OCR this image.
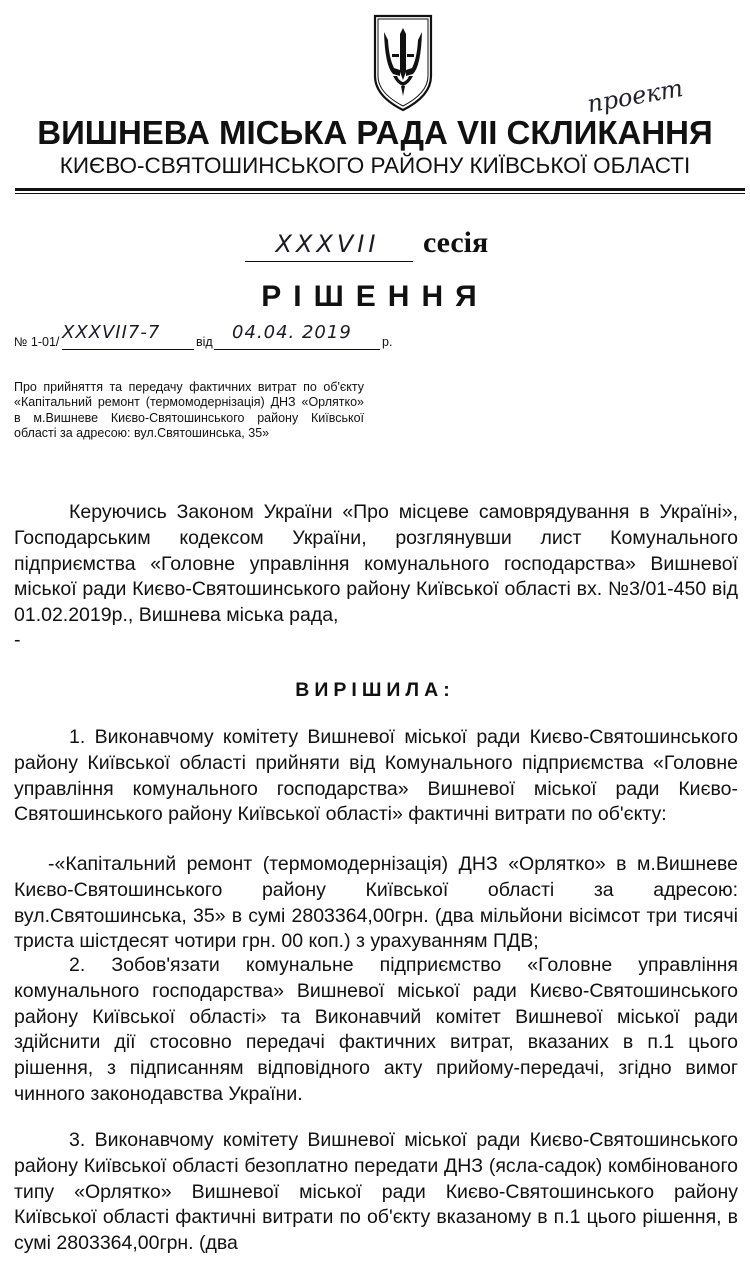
проект
ВИШНЕВА МІСЬКА РАДА VII СКЛИКАННЯ
КИЄВО-СВЯТОШИНСЬКОГО РАЙОНУ КИЇВСЬКОЇ ОБЛАСТІ
XXXVII	сесія
РІШЕННЯ
№ 1-01/ XXXVII7-7	від 04.04. 2019 р.
Про прийняття та передачу фактичних витрат по об'єкту «Капітальний ремонт (термомодернізація) ДНЗ «Орлятко» в м.Вишневе Києво-Святошинського району Київської області за адресою: вул.Святошинська, 35»

Керуючись Законом України «Про місцеве самоврядування в Україні», Господарським кодексом України, розглянувши лист Комунального підприємства «Головне управління комунального господарства» Вишневої міської ради Києво-Святошинського району Київської області вх. №3/01-450 від 01.02.2019р., Вишнева міська рада,

-
ВИРІШИЛА:

1. Виконавчому комітету Вишневої міської ради Києво-Святошинського району Київської області прийняти від Комунального підприємства «Головне управління комунального господарства» Вишневої міської ради Києво-Святошинського району Київської області» фактичні витрати по об'єкту:

-«Капітальний ремонт (термомодернізація) ДНЗ «Орлятко» в м.Вишневе Києво-Святошинського району Київської області за адресою: вул.Святошинська, 35» в сумі 2803364,00грн. (два мільйони вісімсот три тисячі триста шістдесят чотири грн. 00 коп.) з урахуванням ПДВ;

2. Зобов'язати комунальне підприємство «Головне управління комунального господарства» Вишневої міської ради Києво-Святошинського району Київської області» та Виконавчий комітет Вишневої міської ради здійснити дії стосовно передачі фактичних витрат, вказаних в п.1 цього рішення, з підписанням відповідного акту прийому-передачі, згідно вимог чинного законодавства України.

3. Виконавчому комітету Вишневої міської ради Києво-Святошинського району Київської області безоплатно передати ДНЗ (ясла-садок) комбінованого типу «Орлятко» Вишневої міської ради Києво-Святошинського району Київської області фактичні витрати по об'єкту вказаному в п.1 цього рішення, в сумі 2803364,00грн. (два
